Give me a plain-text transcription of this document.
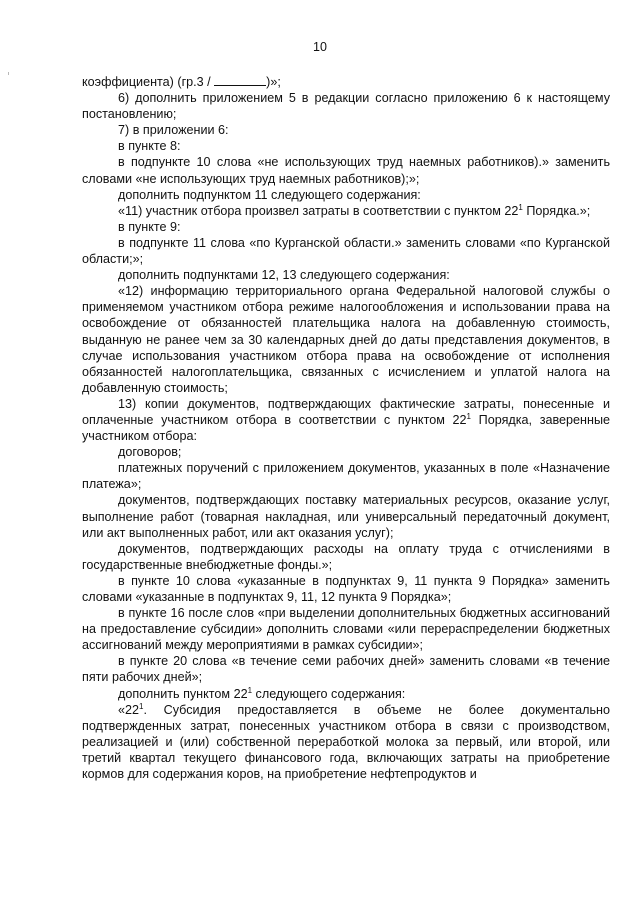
10

коэффициента) (гр.3 /	)»;

6) дополнить приложением 5 в редакции согласно приложению 6 к настоящему постановлению;

7) в приложении 6:

в пункте 8:

в подпункте 10 слова «не использующих труд наемных работников).» заменить словами «не использующих труд наемных работников);»;

дополнить подпунктом 11 следующего содержания:

«11) участник отбора произвел затраты в соответствии с пунктом $22^1$ Порядка.»;

в пункте 9:

в подпункте 11 слова «по Курганской области.» заменить словами «по Курганской области;»;

дополнить подпунктами 12, 13 следующего содержания:

«12) информацию территориального органа Федеральной налоговой службы о применяемом участником отбора режиме налогообложения и использовании права на освобождение от обязанностей плательщика налога на добавленную стоимость, выданную не ранее чем за 30 календарных дней до даты представления документов, в случае использования участником отбора права на освобождение от исполнения обязанностей налогоплательщика, связанных с исчислением и уплатой налога на добавленную стоимость;

13) копии документов, подтверждающих фактические затраты, понесенные и оплаченные участником отбора в соответствии с пунктом $22^1$ Порядка, заверенные участником отбора:

договоров;

платежных поручений с приложением документов, указанных в поле «Назначение платежа»;

документов, подтверждающих поставку материальных ресурсов, оказание услуг, выполнение работ (товарная накладная, или универсальный передаточный документ, или акт выполненных работ, или акт оказания услуг);

документов, подтверждающих расходы на оплату труда с отчислениями в государственные внебюджетные фонды.»;

в пункте 10 слова «указанные в подпунктах 9, 11 пункта 9 Порядка» заменить словами «указанные в подпунктах 9, 11, 12 пункта 9 Порядка»;

в пункте 16 после слов «при выделении дополнительных бюджетных ассигнований на предоставление субсидии» дополнить словами «или перераспределении бюджетных ассигнований между мероприятиями в рамках субсидии»;

в пункте 20 слова «в течение семи рабочих дней» заменить словами «в течение пяти рабочих дней»;

дополнить пунктом $22^1$ следующего содержания:

«$22^1$. Субсидия предоставляется в объеме не более документально подтвержденных затрат, понесенных участником отбора в связи с производством, реализацией и (или) собственной переработкой молока за первый, или второй, или третий квартал текущего финансового года, включающих затраты на приобретение кормов для содержания коров, на приобретение нефтепродуктов и
